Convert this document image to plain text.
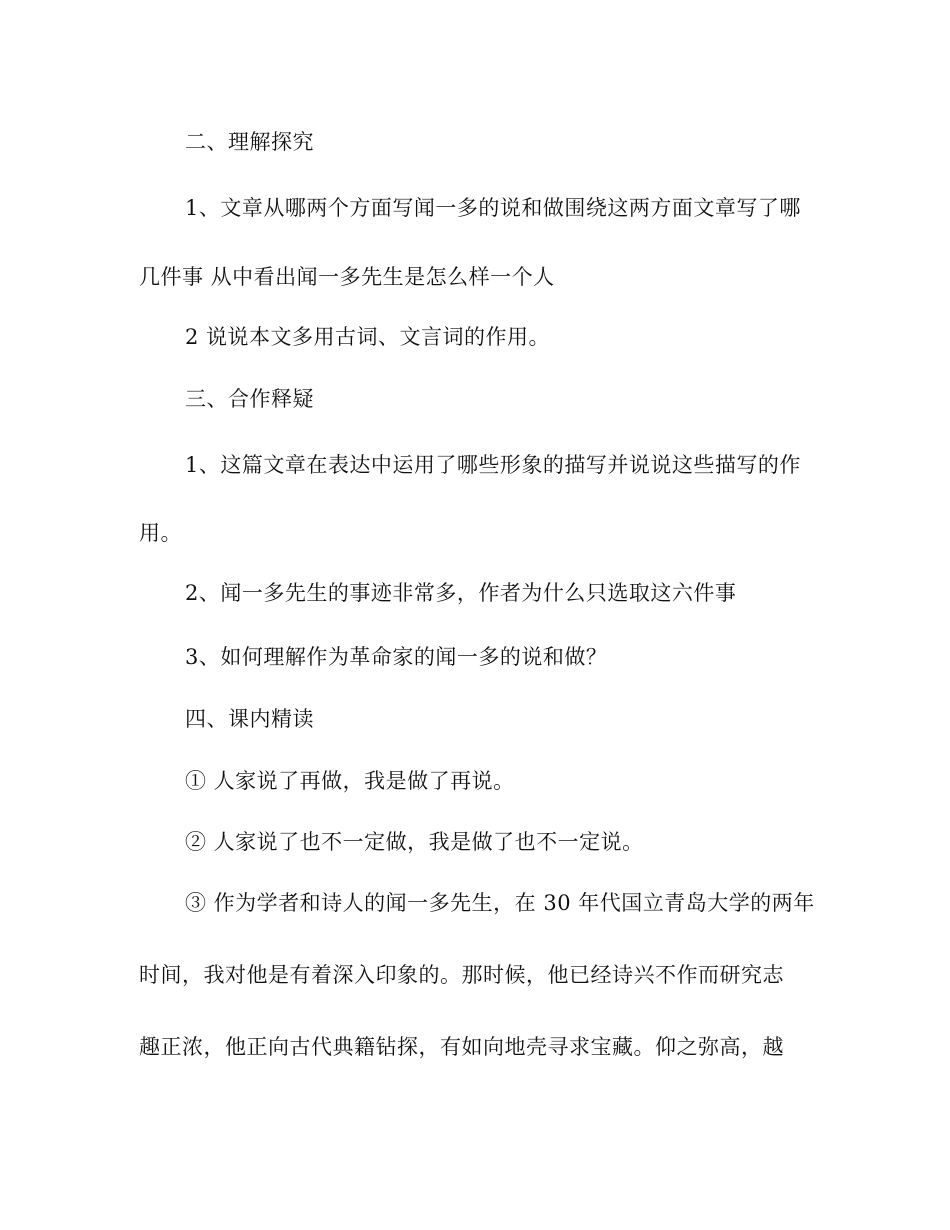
二、理解探究

1、文章从哪两个方面写闻一多的说和做围绕这两方面文章写了哪

几件事 从中看出闻一多先生是怎么样一个人

2 说说本文多用古词、文言词的作用。

三、合作释疑

1、这篇文章在表达中运用了哪些形象的描写并说说这些描写的作

用。

2、闻一多先生的事迹非常多，作者为什么只选取这六件事

3、如何理解作为革命家的闻一多的说和做？

四、课内精读

① 人家说了再做，我是做了再说。

② 人家说了也不一定做，我是做了也不一定说。

③ 作为学者和诗人的闻一多先生，在 30 年代国立青岛大学的两年

时间，我对他是有着深入印象的。那时候，他已经诗兴不作而研究志

趣正浓，他正向古代典籍钻探，有如向地壳寻求宝藏。仰之弥高，越
